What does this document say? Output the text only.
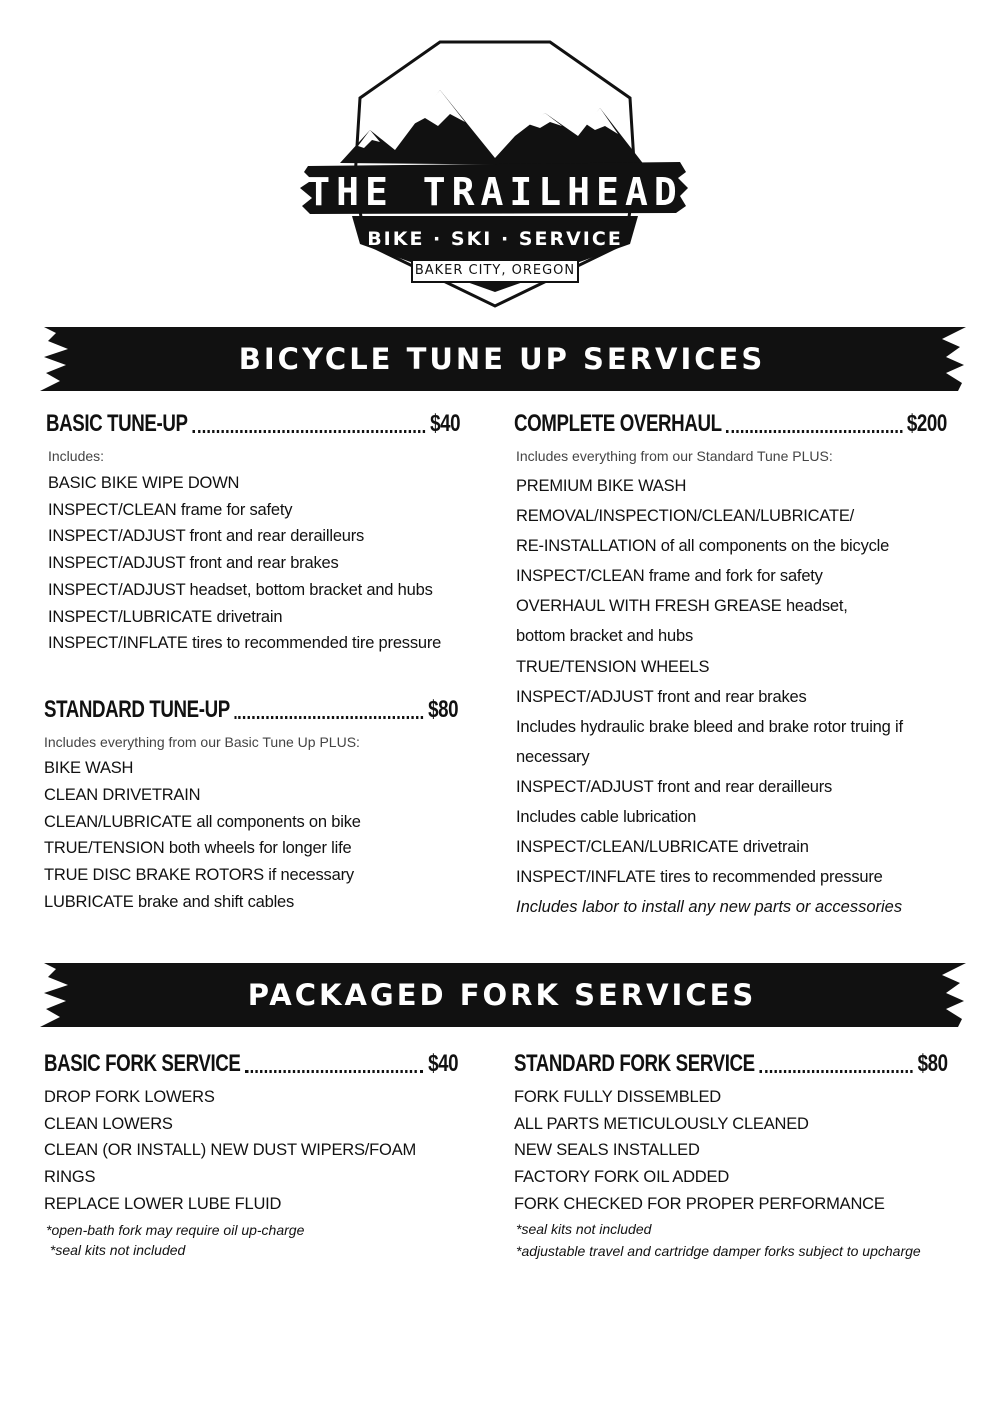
THE TRAILHEAD
BIKE · SKI · SERVICE
BAKER CITY, OREGON
BICYCLE TUNE UP SERVICES
BASIC TUNE-UP	$40
Includes:
BASIC BIKE WIPE DOWN
INSPECT/CLEAN frame for safety
INSPECT/ADJUST front and rear derailleurs
INSPECT/ADJUST front and rear brakes
INSPECT/ADJUST headset, bottom bracket and hubs
INSPECT/LUBRICATE drivetrain
INSPECT/INFLATE tires to recommended tire pressure
STANDARD TUNE-UP	$80
Includes everything from our Basic Tune Up PLUS:
BIKE WASH
CLEAN DRIVETRAIN
CLEAN/LUBRICATE all components on bike
TRUE/TENSION both wheels for longer life
TRUE DISC BRAKE ROTORS if necessary
LUBRICATE brake and shift cables
COMPLETE OVERHAUL	$200
Includes everything from our Standard Tune PLUS:
PREMIUM BIKE WASH
REMOVAL/INSPECTION/CLEAN/LUBRICATE/
RE-INSTALLATION of all components on the bicycle
INSPECT/CLEAN frame and fork for safety
OVERHAUL WITH FRESH GREASE headset,
bottom bracket and hubs
TRUE/TENSION WHEELS
INSPECT/ADJUST front and rear brakes
Includes hydraulic brake bleed and brake rotor truing if
necessary
INSPECT/ADJUST front and rear derailleurs
Includes cable lubrication
INSPECT/CLEAN/LUBRICATE drivetrain
INSPECT/INFLATE tires to recommended pressure
Includes labor to install any new parts or accessories
PACKAGED FORK SERVICES
BASIC FORK SERVICE	$40
DROP FORK LOWERS
CLEAN LOWERS
CLEAN (OR INSTALL) NEW DUST WIPERS/FOAM
RINGS
REPLACE LOWER LUBE FLUID
*open-bath fork may require oil up-charge
*seal kits not included
STANDARD FORK SERVICE	$80
FORK FULLY DISSEMBLED
ALL PARTS METICULOUSLY CLEANED
NEW SEALS INSTALLED
FACTORY FORK OIL ADDED
FORK CHECKED FOR PROPER PERFORMANCE
*seal kits not included
*adjustable travel and cartridge damper forks subject to upcharge
